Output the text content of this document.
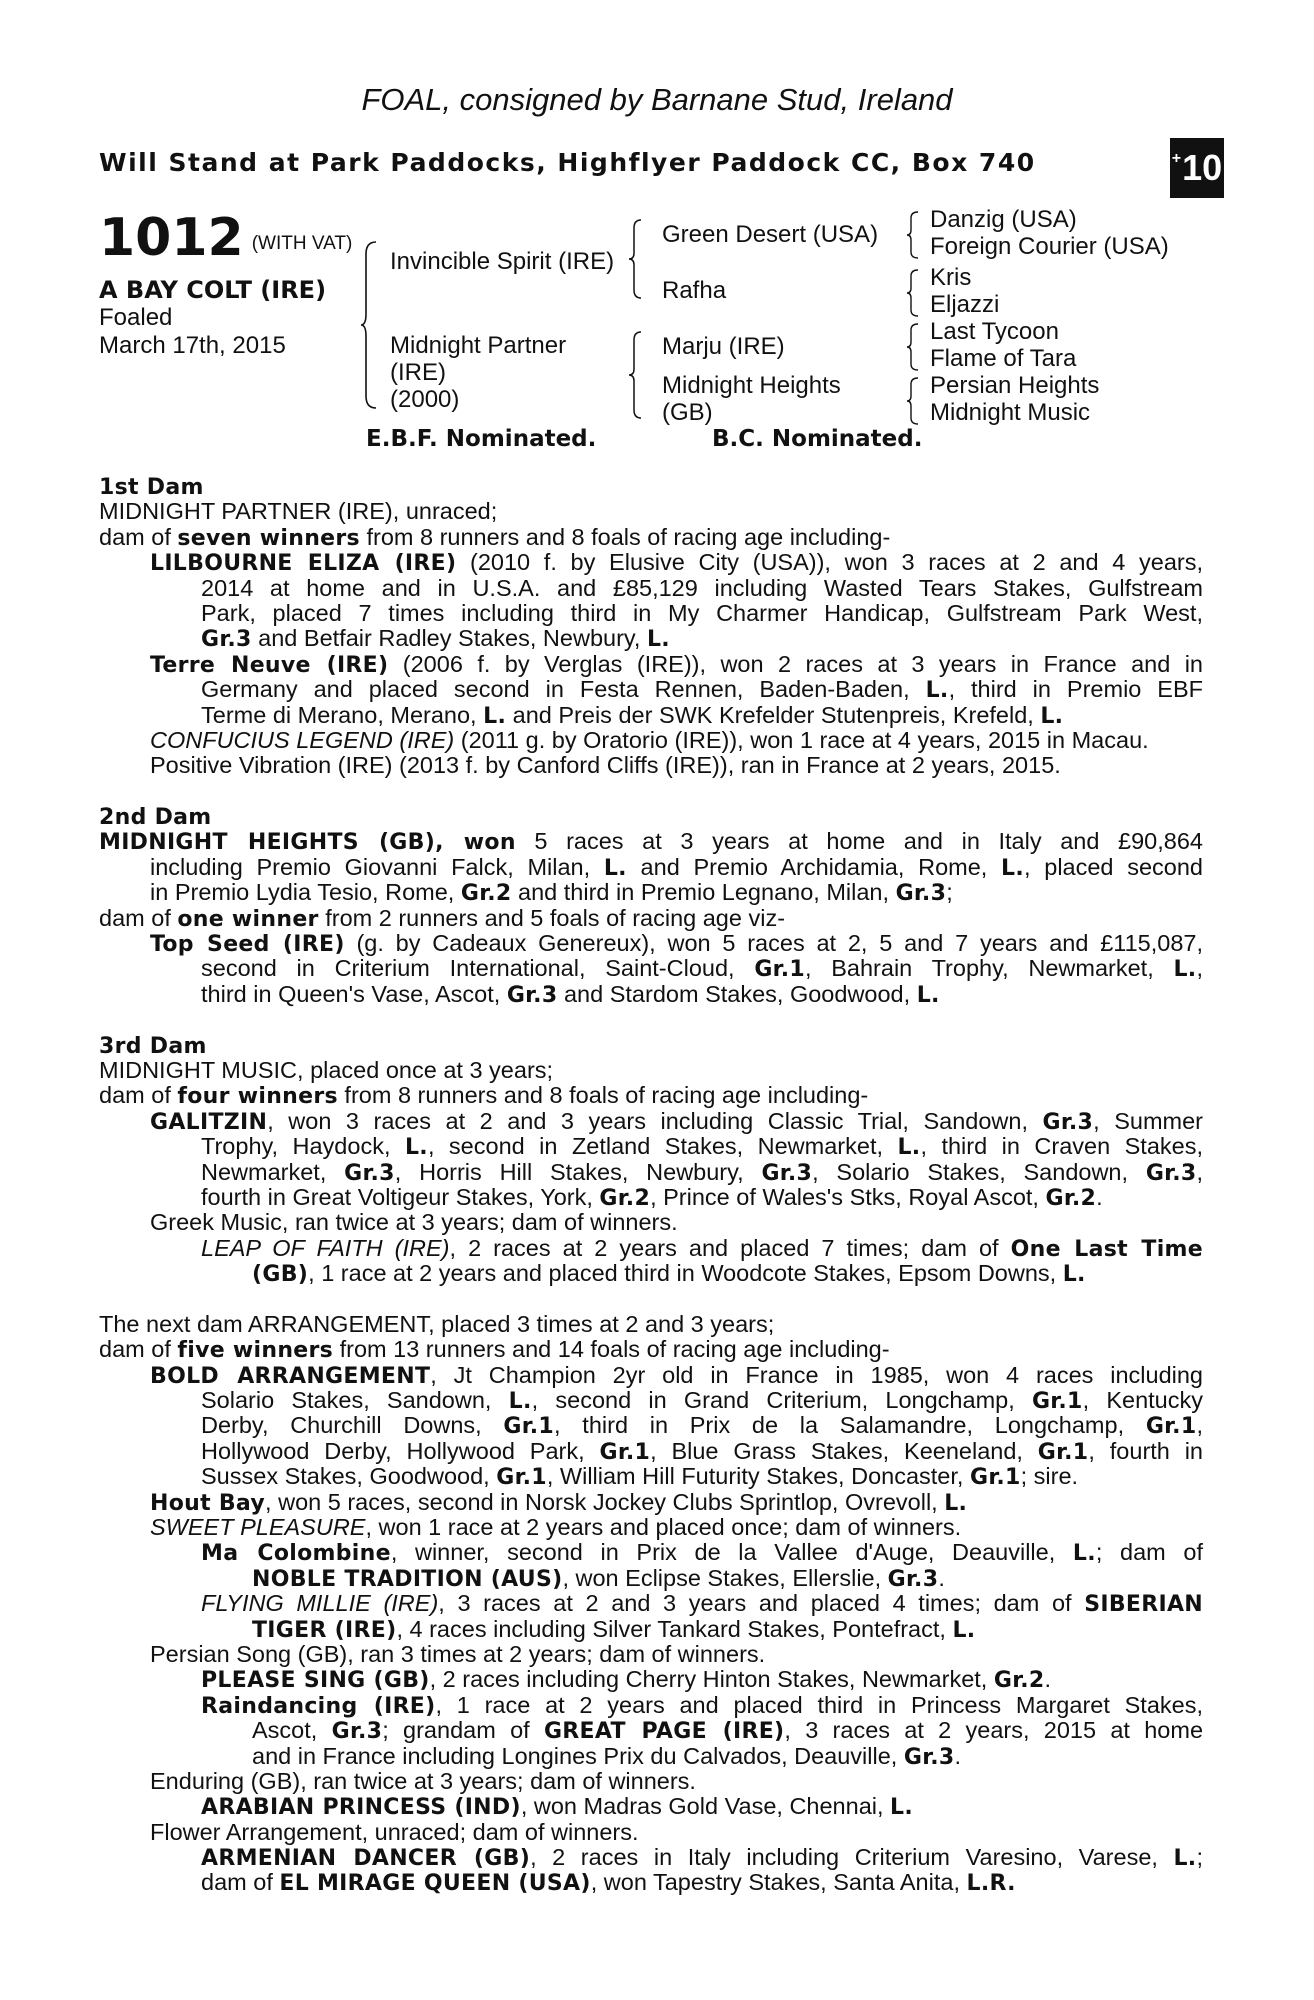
FOAL, consigned by Barnane Stud, Ireland
Will Stand at Park Paddocks, Highflyer Paddock CC, Box 740	+ 10
1012 (WITH VAT)
A BAY COLT (IRE)
Foaled
March 17th, 2015
Invincible Spirit (IRE)
Midnight Partner
(IRE)
(2000)
Green Desert (USA)
Rafha
Marju (IRE)
Midnight Heights
(GB)
Danzig (USA)
Foreign Courier (USA)
Kris
Eljazzi
Last Tycoon
Flame of Tara
Persian Heights
Midnight Music
E.B.F. Nominated.	B.C. Nominated.
1st Dam
MIDNIGHT PARTNER (IRE), unraced;
dam of seven winners from 8 runners and 8 foals of racing age including-
LILBOURNE ELIZA (IRE) (2010 f. by Elusive City (USA)), won 3 races at 2 and 4 years,
2014 at home and in U.S.A. and £85,129 including Wasted Tears Stakes, Gulfstream
Park, placed 7 times including third in My Charmer Handicap, Gulfstream Park West,
Gr.3 and Betfair Radley Stakes, Newbury, L.
Terre Neuve (IRE) (2006 f. by Verglas (IRE)), won 2 races at 3 years in France and in
Germany and placed second in Festa Rennen, Baden-Baden, L., third in Premio EBF
Terme di Merano, Merano, L. and Preis der SWK Krefelder Stutenpreis, Krefeld, L.
CONFUCIUS LEGEND (IRE) (2011 g. by Oratorio (IRE)), won 1 race at 4 years, 2015 in Macau.
Positive Vibration (IRE) (2013 f. by Canford Cliffs (IRE)), ran in France at 2 years, 2015.
2nd Dam
MIDNIGHT HEIGHTS (GB), won 5 races at 3 years at home and in Italy and £90,864
including Premio Giovanni Falck, Milan, L. and Premio Archidamia, Rome, L., placed second
in Premio Lydia Tesio, Rome, Gr.2 and third in Premio Legnano, Milan, Gr.3;
dam of one winner from 2 runners and 5 foals of racing age viz-
Top Seed (IRE) (g. by Cadeaux Genereux), won 5 races at 2, 5 and 7 years and £115,087,
second in Criterium International, Saint-Cloud, Gr.1, Bahrain Trophy, Newmarket, L.,
third in Queen's Vase, Ascot, Gr.3 and Stardom Stakes, Goodwood, L.
3rd Dam
MIDNIGHT MUSIC, placed once at 3 years;
dam of four winners from 8 runners and 8 foals of racing age including-
GALITZIN, won 3 races at 2 and 3 years including Classic Trial, Sandown, Gr.3, Summer
Trophy, Haydock, L., second in Zetland Stakes, Newmarket, L., third in Craven Stakes,
Newmarket, Gr.3, Horris Hill Stakes, Newbury, Gr.3, Solario Stakes, Sandown, Gr.3,
fourth in Great Voltigeur Stakes, York, Gr.2, Prince of Wales's Stks, Royal Ascot, Gr.2.
Greek Music, ran twice at 3 years; dam of winners.
LEAP OF FAITH (IRE), 2 races at 2 years and placed 7 times; dam of One Last Time
(GB), 1 race at 2 years and placed third in Woodcote Stakes, Epsom Downs, L.
The next dam ARRANGEMENT, placed 3 times at 2 and 3 years;
dam of five winners from 13 runners and 14 foals of racing age including-
BOLD ARRANGEMENT, Jt Champion 2yr old in France in 1985, won 4 races including
Solario Stakes, Sandown, L., second in Grand Criterium, Longchamp, Gr.1, Kentucky
Derby, Churchill Downs, Gr.1, third in Prix de la Salamandre, Longchamp, Gr.1,
Hollywood Derby, Hollywood Park, Gr.1, Blue Grass Stakes, Keeneland, Gr.1, fourth in
Sussex Stakes, Goodwood, Gr.1, William Hill Futurity Stakes, Doncaster, Gr.1; sire.
Hout Bay, won 5 races, second in Norsk Jockey Clubs Sprintlop, Ovrevoll, L.
SWEET PLEASURE, won 1 race at 2 years and placed once; dam of winners.
Ma Colombine, winner, second in Prix de la Vallee d'Auge, Deauville, L.; dam of
NOBLE TRADITION (AUS), won Eclipse Stakes, Ellerslie, Gr.3.
FLYING MILLIE (IRE), 3 races at 2 and 3 years and placed 4 times; dam of SIBERIAN
TIGER (IRE), 4 races including Silver Tankard Stakes, Pontefract, L.
Persian Song (GB), ran 3 times at 2 years; dam of winners.
PLEASE SING (GB), 2 races including Cherry Hinton Stakes, Newmarket, Gr.2.
Raindancing (IRE), 1 race at 2 years and placed third in Princess Margaret Stakes,
Ascot, Gr.3; grandam of GREAT PAGE (IRE), 3 races at 2 years, 2015 at home
and in France including Longines Prix du Calvados, Deauville, Gr.3.
Enduring (GB), ran twice at 3 years; dam of winners.
ARABIAN PRINCESS (IND), won Madras Gold Vase, Chennai, L.
Flower Arrangement, unraced; dam of winners.
ARMENIAN DANCER (GB), 2 races in Italy including Criterium Varesino, Varese, L.;
dam of EL MIRAGE QUEEN (USA), won Tapestry Stakes, Santa Anita, L.R.
